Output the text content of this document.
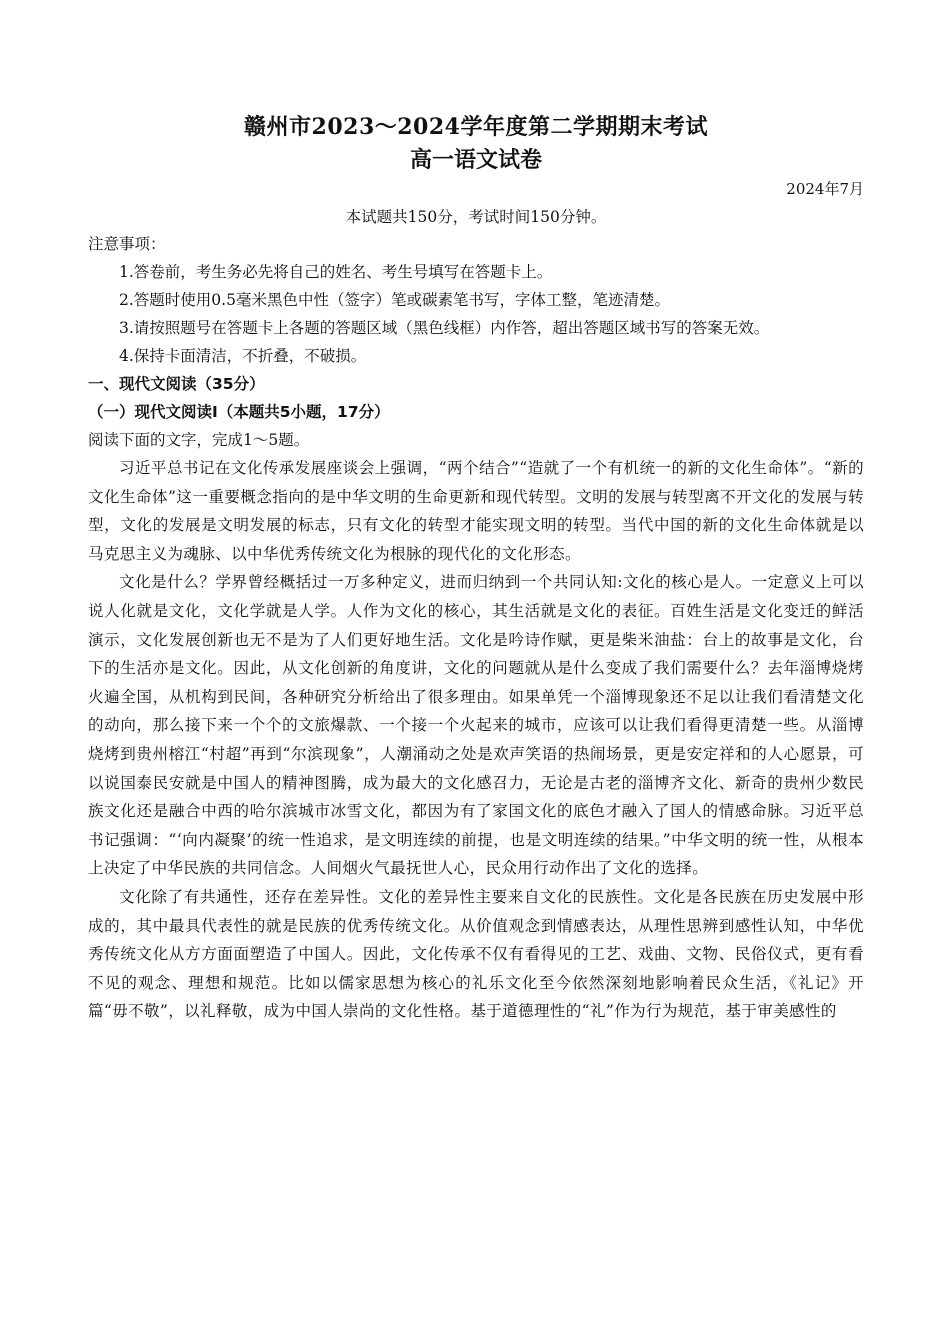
赣州市2023～2024学年度第二学期期末考试
高一语文试卷
2024年7月
本试题共150分，考试时间150分钟。

注意事项：

1.答卷前，考生务必先将自己的姓名、考生号填写在答题卡上。

2.答题时使用0.5毫米黑色中性（签字）笔或碳素笔书写，字体工整，笔迹清楚。

3.请按照题号在答题卡上各题的答题区域（黑色线框）内作答，超出答题区域书写的答案无效。

4.保持卡面清洁，不折叠，不破损。

一、现代文阅读（35分）

（一）现代文阅读Ⅰ（本题共5小题，17分）

阅读下面的文字，完成1～5题。

习近平总书记在文化传承发展座谈会上强调，“两个结合”“造就了一个有机统一的新的文化生命体”。“新的文化生命体”这一重要概念指向的是中华文明的生命更新和现代转型。文明的发展与转型离不开文化的发展与转型，文化的发展是文明发展的标志，只有文化的转型才能实现文明的转型。当代中国的新的文化生命体就是以马克思主义为魂脉、以中华优秀传统文化为根脉的现代化的文化形态。

文化是什么？学界曾经概括过一万多种定义，进而归纳到一个共同认知:文化的核心是人。一定意义上可以说人化就是文化，文化学就是人学。人作为文化的核心，其生活就是文化的表征。百姓生活是文化变迁的鲜活演示，文化发展创新也无不是为了人们更好地生活。文化是吟诗作赋，更是柴米油盐：台上的故事是文化，台下的生活亦是文化。因此，从文化创新的角度讲，文化的问题就从是什么变成了我们需要什么？去年淄博烧烤火遍全国，从机构到民间，各种研究分析给出了很多理由。如果单凭一个淄博现象还不足以让我们看清楚文化的动向，那么接下来一个个的文旅爆款、一个接一个火起来的城市，应该可以让我们看得更清楚一些。从淄博烧烤到贵州榕江“村超”再到“尔滨现象”，人潮涌动之处是欢声笑语的热闹场景，更是安定祥和的人心愿景，可以说国泰民安就是中国人的精神图腾，成为最大的文化感召力，无论是古老的淄博齐文化、新奇的贵州少数民族文化还是融合中西的哈尔滨城市冰雪文化，都因为有了家国文化的底色才融入了国人的情感命脉。习近平总书记强调：“‘向内凝聚’的统一性追求，是文明连续的前提，也是文明连续的结果。”中华文明的统一性，从根本上决定了中华民族的共同信念。人间烟火气最抚世人心，民众用行动作出了文化的选择。

文化除了有共通性，还存在差异性。文化的差异性主要来自文化的民族性。文化是各民族在历史发展中形成的，其中最具代表性的就是民族的优秀传统文化。从价值观念到情感表达，从理性思辨到感性认知，中华优秀传统文化从方方面面塑造了中国人。因此，文化传承不仅有看得见的工艺、戏曲、文物、民俗仪式，更有看不见的观念、理想和规范。比如以儒家思想为核心的礼乐文化至今依然深刻地影响着民众生活，《礼记》开篇“毋不敬”，以礼释敬，成为中国人崇尚的文化性格。基于道德理性的“礼”作为行为规范，基于审美感性的
